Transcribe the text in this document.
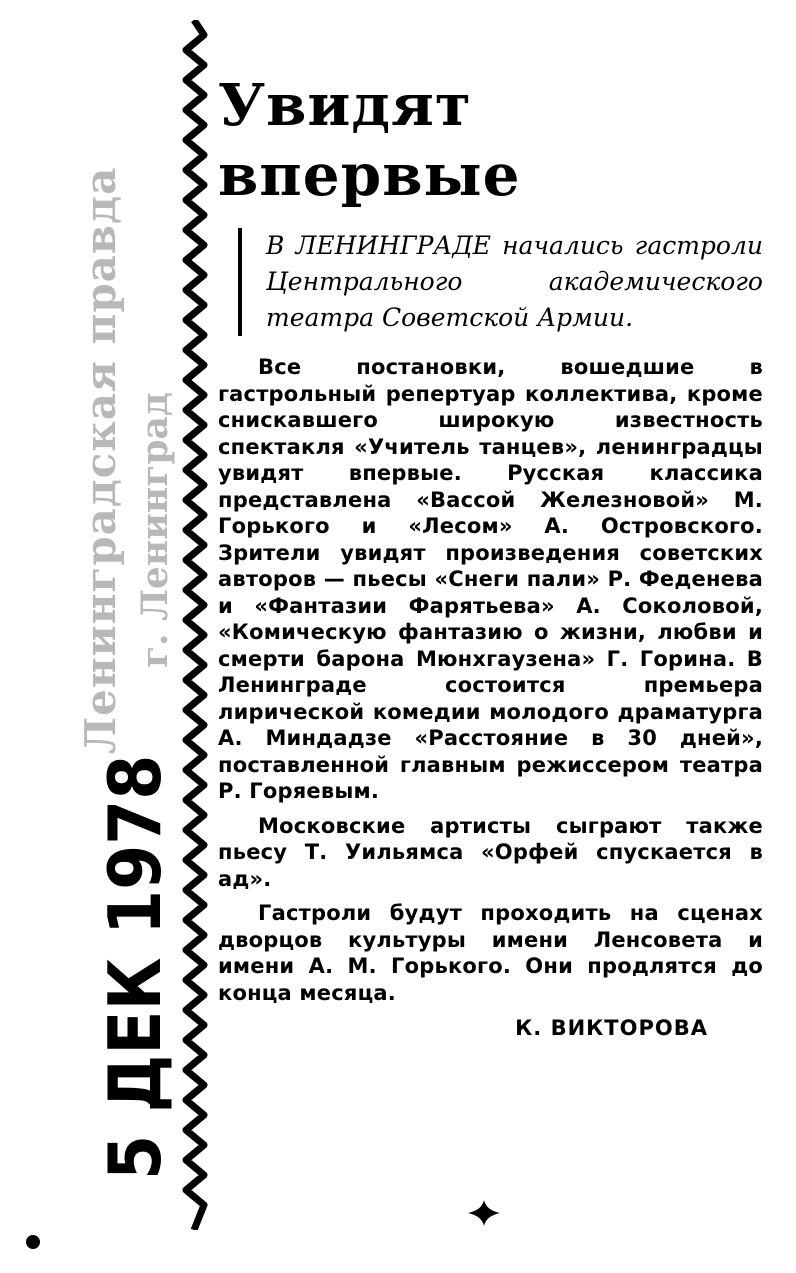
Ленинградская правда г. Ленинград
5 ДЕК 1978
Увидят
впервые
В ЛЕНИНГРАДЕ начались гастроли Центрального академического театра Советской Армии.

Все постановки, вошедшие в гастрольный репертуар коллектива, кроме снискавшего широкую известность спектакля «Учитель танцев», ленинградцы увидят впервые. Русская классика представлена «Вассой Железновой» М. Горького и «Лесом» А. Островского. Зрители увидят произведения советских авторов — пьесы «Снеги пали» Р. Феденева и «Фантазии Фарятьева» А. Соколовой, «Комическую фантазию о жизни, любви и смерти барона Мюнхгаузена» Г. Горина. В Ленинграде состоится премьера лирической комедии молодого драматурга А. Миндадзе «Расстояние в 30 дней», поставленной главным режиссером театра Р. Горяевым.

Московские артисты сыграют также пьесу Т. Уильямса «Орфей спускается в ад».

Гастроли будут проходить на сценах дворцов культуры имени Ленсовета и имени А. М. Горького. Они продлятся до конца месяца.

К. ВИКТОРОВА
